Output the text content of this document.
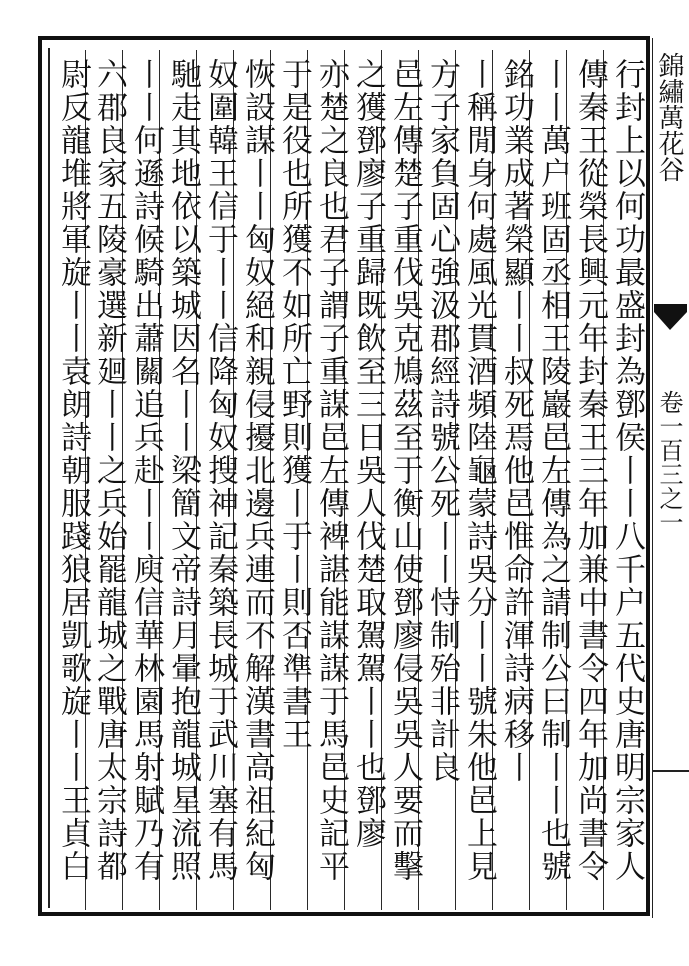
錦繡萬花谷
卷一百三之一
行封上以何功最盛封為鄧侯丨丨八千户五代史唐明宗家人
傳秦王從榮長興元年封秦王三年加兼中書令四年加尚書令
丨丨萬户班固丞相王陵巖邑左傳為之請制公曰制丨丨也號
銘功業成著榮顯丨丨叔死焉他邑惟命許渾詩病移丨
丨稱閒身何處風光貫酒頻陸龜蒙詩吳分丨丨號朱他邑上見
方子家負固心強汲郡經詩號公死丨丨恃制殆非計良
邑左傳楚子重伐吳克鳩茲至于衡山使鄧廖侵吳吳人要而擊
之獲鄧廖子重歸既飲至三日吳人伐楚取駕駕丨丨也鄧廖
亦楚之良也君子謂子重謀邑左傳裨諶能謀謀于馬邑史記平
于是役也所獲不如所亡野則獲丨于丨則否準書王
恢設謀丨丨匈奴絕和親侵擾北邊兵連而不解漢書高祖紀匈
奴圍韓王信于丨丨信降匈奴搜神記秦築長城于武川塞有馬
馳走其地依以築城因名丨丨梁簡文帝詩月暈抱龍城星流照
丨丨何遜詩候騎出蕭關追兵赴丨丨庾信華林園馬射賦乃有
六郡良家五陵豪選新廻丨丨之兵始罷龍城之戰唐太宗詩都
尉反龍堆將軍旋丨丨袁朗詩朝服踐狼居凱歌旋丨丨王貞白
